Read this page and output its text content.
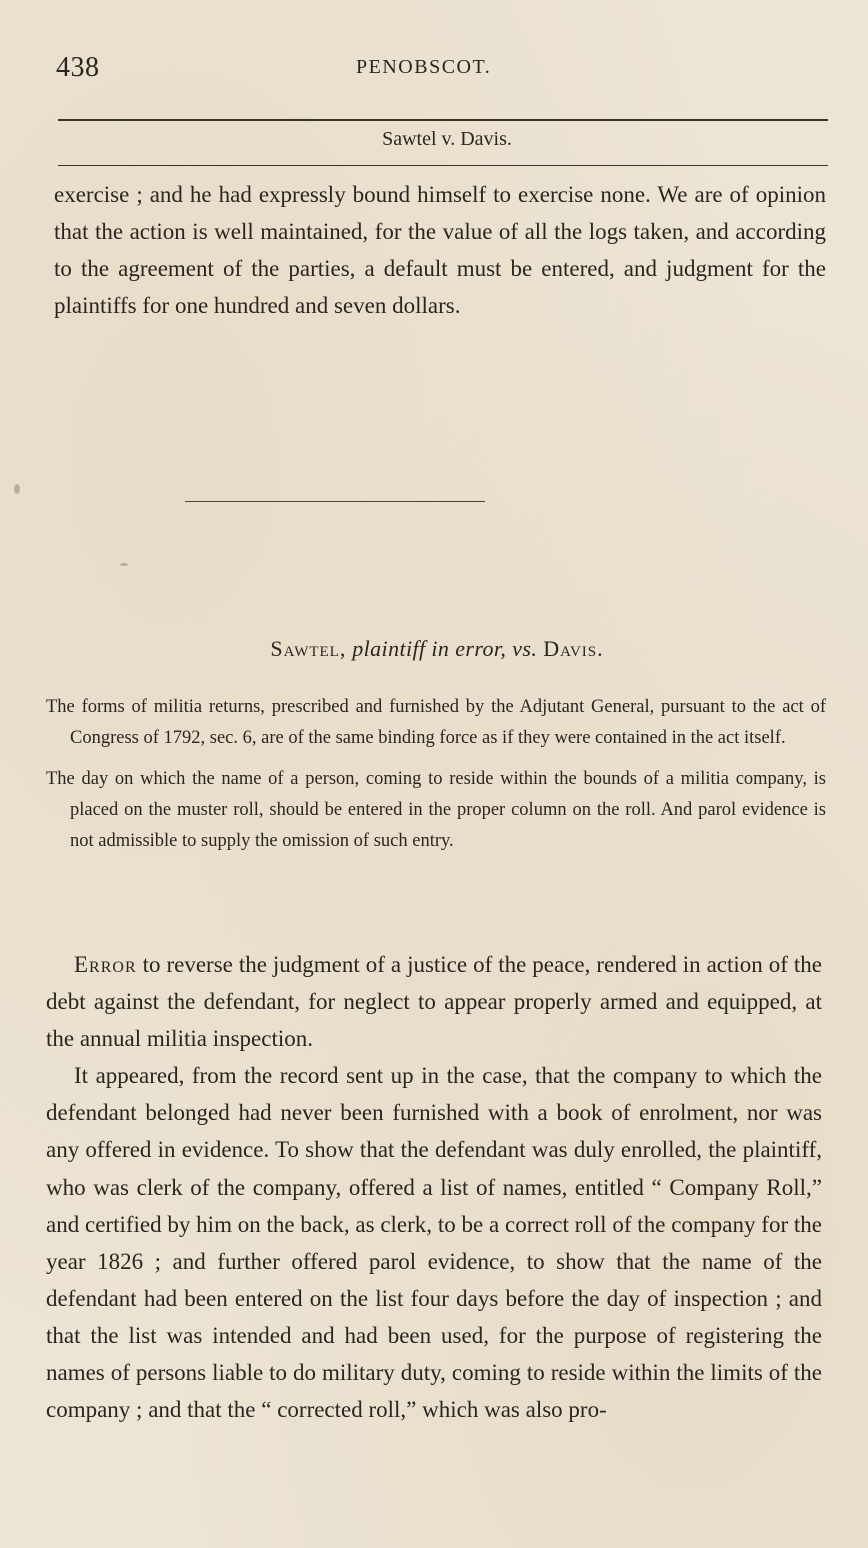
438	PENOBSCOT.
Sawtel v. Davis.

exercise ; and he had expressly bound himself to exercise none. We are of opinion that the action is well maintained, for the value of all the logs taken, and according to the agreement of the parties, a default must be entered, and judgment for the plaintiffs for one hundred and seven dollars.

Sawtel, plaintiff in error, vs. Davis.

The forms of militia returns, prescribed and furnished by the Adjutant General, pursuant to the act of Congress of 1792, sec. 6, are of the same binding force as if they were contained in the act itself.

The day on which the name of a person, coming to reside within the bounds of a militia company, is placed on the muster roll, should be entered in the proper column on the roll. And parol evidence is not admissible to supply the omission of such entry.

Error to reverse the judgment of a justice of the peace, rendered in action of the debt against the defendant, for neglect to appear properly armed and equipped, at the annual militia inspection.

It appeared, from the record sent up in the case, that the company to which the defendant belonged had never been furnished with a book of enrolment, nor was any offered in evidence. To show that the defendant was duly enrolled, the plaintiff, who was clerk of the company, offered a list of names, entitled “ Company Roll,” and certified by him on the back, as clerk, to be a correct roll of the company for the year 1826 ; and further offered parol evidence, to show that the name of the defendant had been entered on the list four days before the day of inspection ; and that the list was intended and had been used, for the purpose of registering the names of persons liable to do military duty, coming to reside within the limits of the company ; and that the “ corrected roll,” which was also pro-
